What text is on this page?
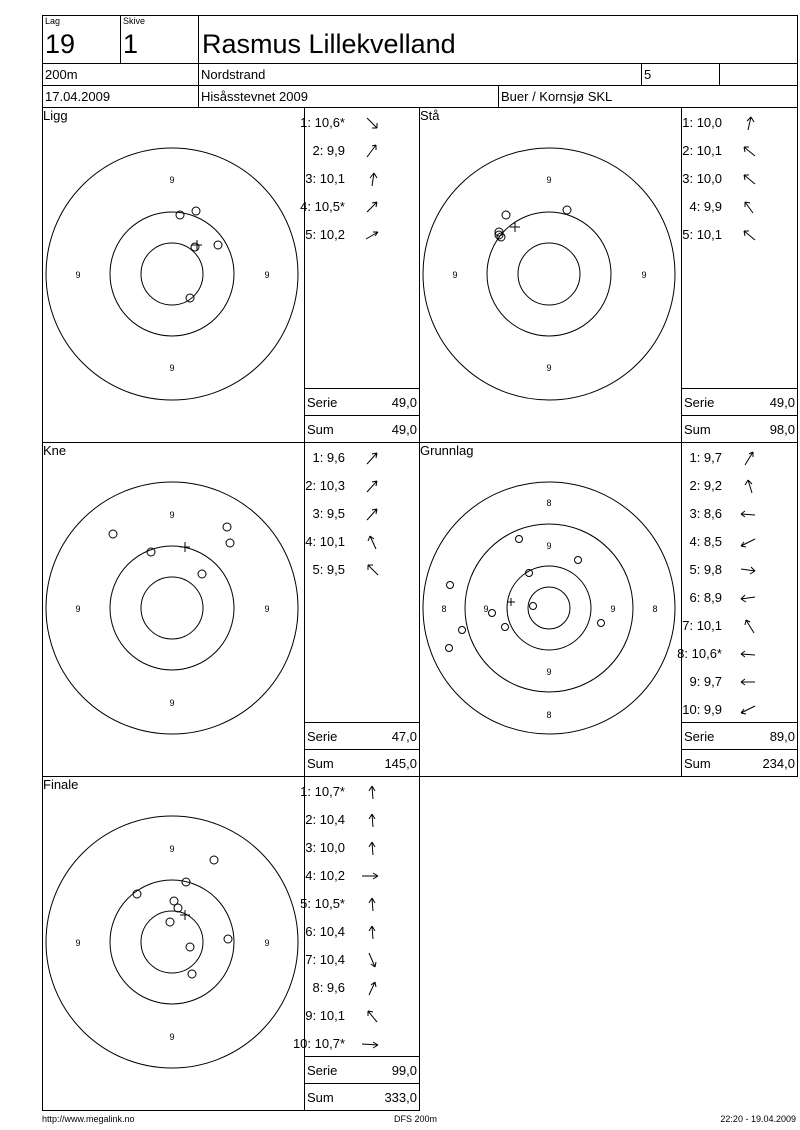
Lag
19
Skive
1 Rasmus Lillekvelland
200m	Nordstrand	5
17.04.2009	Hisåsstevnet 2009	Buer / Kornsjø SKL
Ligg
9
9
9	9
1: 10,6*
2: 9,9
3: 10,1
4: 10,5*
5: 10,2
Serie	49,0
Sum	49,0
Stå
9
9
9	9
1: 10,0
2: 10,1
3: 10,0
4: 9,9
5: 10,1
Serie	49,0
Sum	98,0
Kne
9
9
9	9
1: 9,6
2: 10,3
3: 9,5
4: 10,1
5: 9,5
Serie	47,0
Sum	145,0
Grunnlag
8
8
8	8
9
9
9	9
1: 9,7
2: 9,2
3: 8,6
4: 8,5
5: 9,8
6: 8,9
7: 10,1
8: 10,6*
9: 9,7
10: 9,9
Serie	89,0
Sum	234,0
Finale
9
9
9	9
1: 10,7*
2: 10,4
3: 10,0
4: 10,2
5: 10,5*
6: 10,4
7: 10,4
8: 9,6
9: 10,1
10: 10,7*
Serie	99,0
Sum	333,0
http://www.megalink.no	DFS 200m	22:20 - 19.04.2009
